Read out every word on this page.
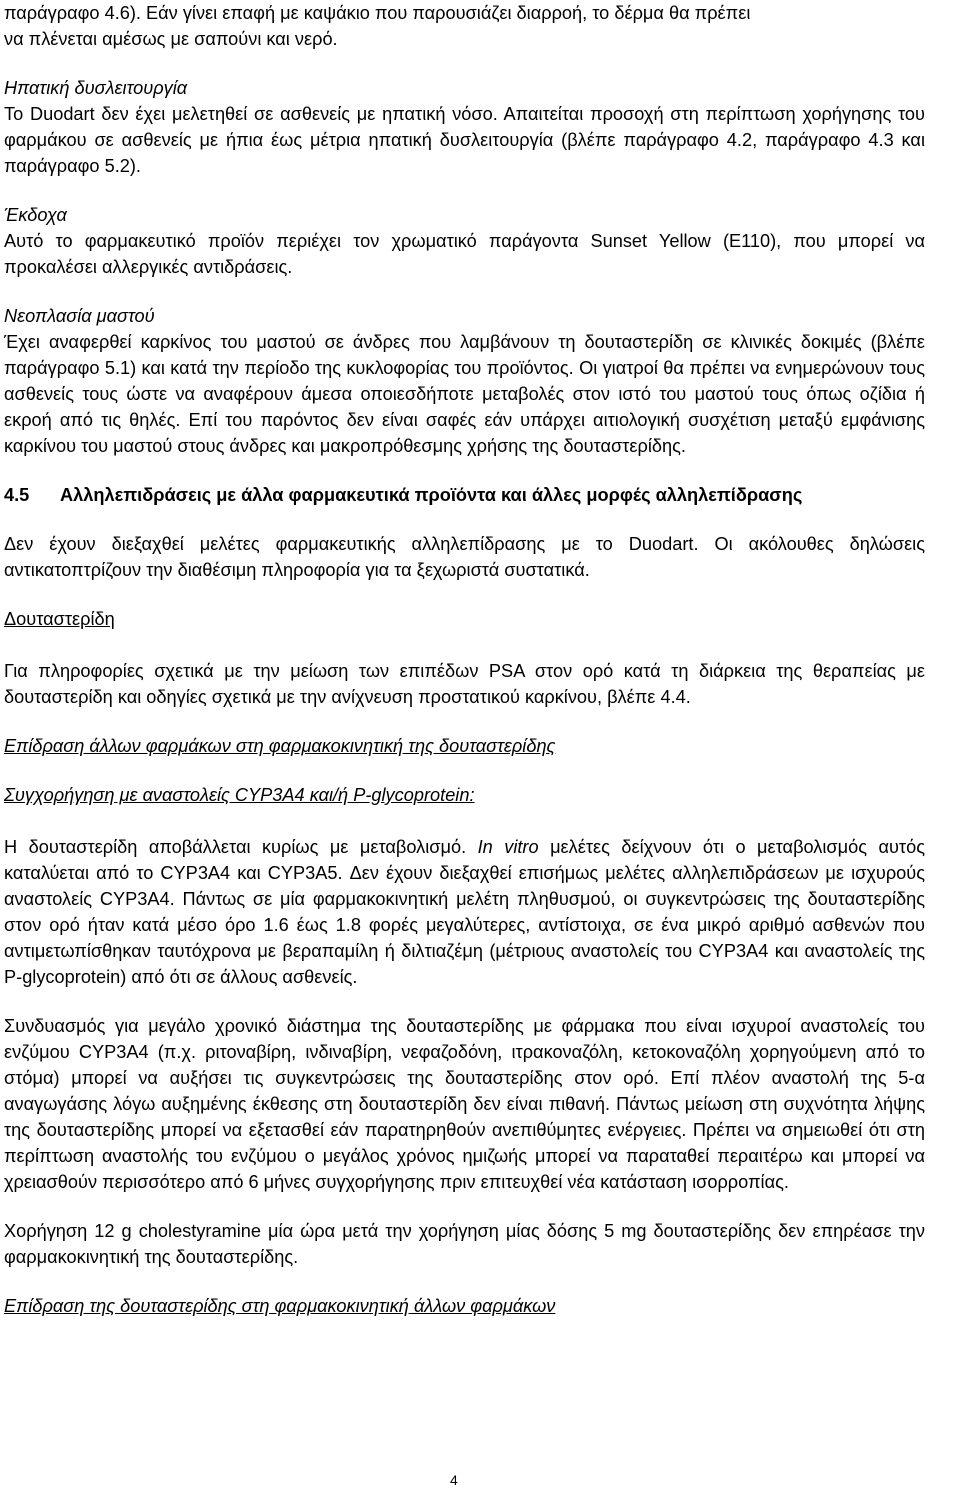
παράγραφο 4.6). Εάν γίνει επαφή με καψάκιο που παρουσιάζει διαρροή, το δέρμα θα πρέπει

να πλένεται αμέσως με σαπούνι και νερό.

Ηπατική δυσλειτουργία

Το Duodart δεν έχει μελετηθεί σε ασθενείς με ηπατική νόσο. Απαιτείται προσοχή στη περίπτωση χορήγησης του φαρμάκου σε ασθενείς με ήπια έως μέτρια ηπατική δυσλειτουργία (βλέπε παράγραφο 4.2, παράγραφο 4.3 και παράγραφο 5.2).

Έκδοχα

Αυτό το φαρμακευτικό προϊόν περιέχει τον χρωματικό παράγοντα Sunset Yellow (E110), που μπορεί να προκαλέσει αλλεργικές αντιδράσεις.

Νεοπλασία μαστού

Έχει αναφερθεί καρκίνος του μαστού σε άνδρες που λαμβάνουν τη δουταστερίδη σε κλινικές δοκιμές (βλέπε παράγραφο 5.1) και κατά την περίοδο της κυκλοφορίας του προϊόντος. Οι γιατροί θα πρέπει να ενημερώνουν τους ασθενείς τους ώστε να αναφέρουν άμεσα οποιεσδήποτε μεταβολές στον ιστό του μαστού τους όπως οζίδια ή εκροή από τις θηλές. Επί του παρόντος δεν είναι σαφές εάν υπάρχει αιτιολογική συσχέτιση μεταξύ εμφάνισης καρκίνου του μαστού στους άνδρες και μακροπρόθεσμης χρήσης της δουταστερίδης.

4.5 Αλληλεπιδράσεις με άλλα φαρμακευτικά προϊόντα και άλλες μορφές αλληλεπίδρασης

Δεν έχουν διεξαχθεί μελέτες φαρμακευτικής αλληλεπίδρασης με το Duodart. Οι ακόλουθες δηλώσεις αντικατοπτρίζουν την διαθέσιμη πληροφορία για τα ξεχωριστά συστατικά.

Δουταστερίδη

Για πληροφορίες σχετικά με την μείωση των επιπέδων PSA στον ορό κατά τη διάρκεια της θεραπείας με δουταστερίδη και οδηγίες σχετικά με την ανίχνευση προστατικού καρκίνου, βλέπε 4.4.

Επίδραση άλλων φαρμάκων στη φαρμακοκινητική της δουταστερίδης

Συγχορήγηση με αναστολείς CYP3A4 και/ή P-glycoprotein:

Η δουταστερίδη αποβάλλεται κυρίως με μεταβολισμό. In vitro μελέτες δείχνουν ότι ο μεταβολισμός αυτός καταλύεται από το CYP3A4 και CYP3A5. Δεν έχουν διεξαχθεί επισήμως μελέτες αλληλεπιδράσεων με ισχυρούς αναστολείς CYP3A4. Πάντως σε μία φαρμακοκινητική μελέτη πληθυσμού, οι συγκεντρώσεις της δουταστερίδης στον ορό ήταν κατά μέσο όρο 1.6 έως 1.8 φορές μεγαλύτερες, αντίστοιχα, σε ένα μικρό αριθμό ασθενών που αντιμετωπίσθηκαν ταυτόχρονα με βεραπαμίλη ή διλτιαζέμη (μέτριους αναστολείς του CYP3A4 και αναστολείς της P-glycoprotein) από ότι σε άλλους ασθενείς.

Συνδυασμός για μεγάλο χρονικό διάστημα της δουταστερίδης με φάρμακα που είναι ισχυροί αναστολείς του ενζύμου CYP3A4 (π.χ. ριτοναβίρη, ινδιναβίρη, νεφαζοδόνη, ιτρακοναζόλη, κετοκοναζόλη χορηγούμενη από το στόμα) μπορεί να αυξήσει τις συγκεντρώσεις της δουταστερίδης στον ορό. Επί πλέον αναστολή της 5-α αναγωγάσης λόγω αυξημένης έκθεσης στη δουταστερίδη δεν είναι πιθανή. Πάντως μείωση στη συχνότητα λήψης της δουταστερίδης μπορεί να εξετασθεί εάν παρατηρηθούν ανεπιθύμητες ενέργειες. Πρέπει να σημειωθεί ότι στη περίπτωση αναστολής του ενζύμου ο μεγάλος χρόνος ημιζωής μπορεί να παραταθεί περαιτέρω και μπορεί να χρειασθούν περισσότερο από 6 μήνες συγχορήγησης πριν επιτευχθεί νέα κατάσταση ισορροπίας.

Χορήγηση 12 g cholestyramine μία ώρα μετά την χορήγηση μίας δόσης 5 mg δουταστερίδης δεν επηρέασε την φαρμακοκινητική της δουταστερίδης.

Επίδραση της δουταστερίδης στη φαρμακοκινητική άλλων φαρμάκων

4
